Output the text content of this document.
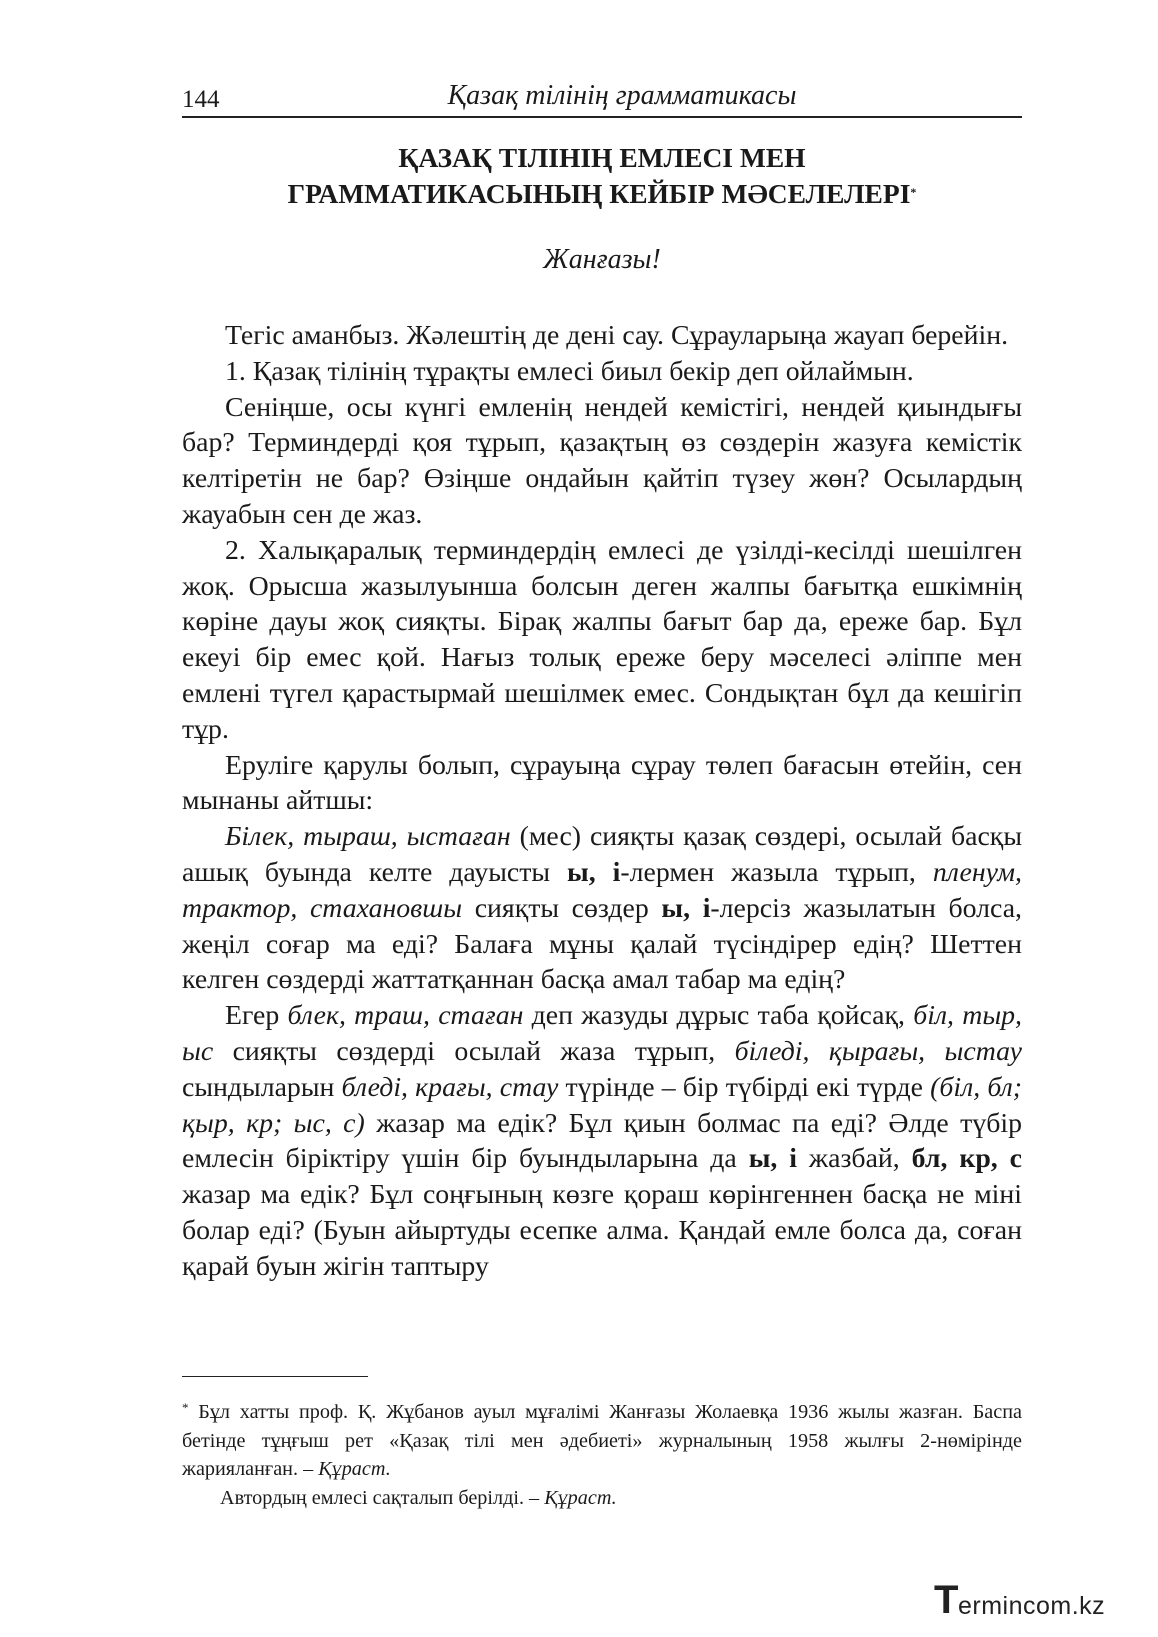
144	Қазақ тілінің грамматикасы
ҚАЗАҚ ТІЛІНІҢ ЕМЛЕСІ МЕН
ГРАММАТИКАСЫНЫҢ КЕЙБІР МӘСЕЛЕЛЕРІ*
Жанғазы!

Тегіс аманбыз. Жәлештің де дені сау. Сұрауларыңа жауап берейін.

1. Қазақ тілінің тұрақты емлесі биыл бекір деп ойлаймын.

Сеніңше, осы күнгі емленің нендей кемістігі, нендей қиындығы бар? Терминдерді қоя тұрып, қазақтың өз сөздерін жазуға кемістік келтіретін не бар? Өзіңше ондайын қайтіп түзеу жөн? Осылардың жауабын сен де жаз.

2. Халықаралық терминдердің емлесі де үзілді-кесілді шешілген жоқ. Орысша жазылуынша болсын деген жалпы бағытқа ешкімнің көріне дауы жоқ сияқты. Бірақ жалпы бағыт бар да, ереже бар. Бұл екеуі бір емес қой. Нағыз толық ереже беру мәселесі әліппе мен емлені түгел қарастырмай шешілмек емес. Сондықтан бұл да кешігіп тұр.

Еруліге қарулы болып, сұрауыңа сұрау төлеп бағасын өтейін, сен мынаны айтшы:

Білек, тыраш, ыстаған (мес) сияқты қазақ сөздері, осылай басқы ашық буында келте дауысты ы, і-лермен жазыла тұрып, пленум, трактор, стахановшы сияқты сөздер ы, і-лерсіз жазылатын болса, жеңіл соғар ма еді? Балаға мұны қалай түсіндірер едің? Шеттен келген сөздерді жаттатқаннан басқа амал табар ма едің?

Егер блек, траш, стаған деп жазуды дұрыс таба қойсақ, біл, тыр, ыс сияқты сөздерді осылай жаза тұрып, біледі, қырағы, ыстау сындыларын бледі, крағы, стау түрінде – бір түбірді екі түрде (біл, бл; қыр, кр; ыс, с) жазар ма едік? Бұл қиын болмас па еді? Әлде түбір емлесін біріктіру үшін бір буындыларына да ы, і жазбай, бл, кр, с жазар ма едік? Бұл соңғының көзге қораш көрінгеннен басқа не міні болар еді? (Буын айыртуды есепке алма. Қандай емле болса да, соған қарай буын жігін таптыру

* Бұл хатты проф. Қ. Жұбанов ауыл мұғалімі Жанғазы Жолаевқа 1936 жылы жазған. Баспа бетінде тұңғыш рет «Қазақ тілі мен әдебиеті» журналының 1958 жылғы 2-нөмірінде жарияланған. – Құраст.

Автордың емлесі сақталып берілді. – Құраст.

T ermincom.kz
